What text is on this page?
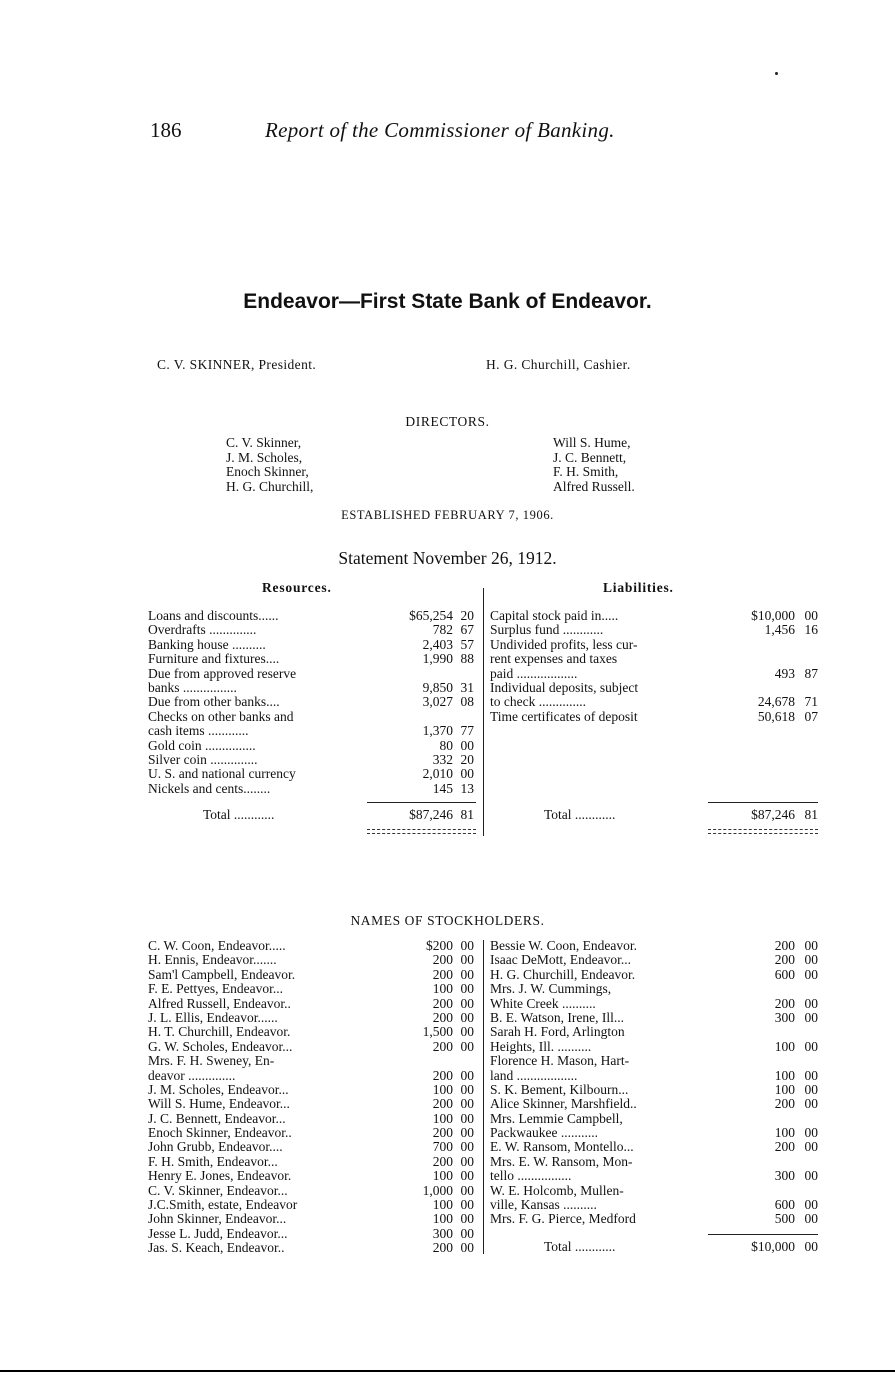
186	Report of the Commissioner of Banking.
Endeavor—First State Bank of Endeavor.
C. V. SKINNER, President.	H. G. Churchill, Cashier.
DIRECTORS.
C. V. Skinner,
J. M. Scholes,
Enoch Skinner,
H. G. Churchill,
Will S. Hume,
J. C. Bennett,
F. H. Smith,
Alfred Russell.
ESTABLISHED FEBRUARY 7, 1906.
Statement November 26, 1912.
Resources.	Liabilities.
Loans and discounts......	$65,254 20
Overdrafts ..............	782 67
Banking house ..........	2,403 57
Furniture and fixtures....	1,990 88
Due from approved reserve
banks ................	9,850 31
Due from other banks....	3,027 08
Checks on other banks and
cash items ............	1,370 77
Gold coin ...............	80 00
Silver coin ..............	332 20
U. S. and national currency	2,010 00
Nickels and cents........	145 13
Capital stock paid in.....	$10,000 00
Surplus fund ............	1,456 16
Undivided profits, less cur-
rent expenses and taxes
paid ..................	493 87
Individual deposits, subject
to check ..............	24,678 71
Time certificates of deposit	50,618 07
Total ............	$87,246 81	Total ............	$87,246 81
NAMES OF STOCKHOLDERS.
C. W. Coon, Endeavor.....	$200 00
H. Ennis, Endeavor.......	200 00
Sam'l Campbell, Endeavor.	200 00
F. E. Pettyes, Endeavor...	100 00
Alfred Russell, Endeavor..	200 00
J. L. Ellis, Endeavor......	200 00
H. T. Churchill, Endeavor.	1,500 00
G. W. Scholes, Endeavor...	200 00
Mrs. F. H. Sweney, En-
deavor ..............	200 00
J. M. Scholes, Endeavor...	100 00
Will S. Hume, Endeavor...	200 00
J. C. Bennett, Endeavor...	100 00
Enoch Skinner, Endeavor..	200 00
John Grubb, Endeavor....	700 00
F. H. Smith, Endeavor...	200 00
Henry E. Jones, Endeavor.	100 00
C. V. Skinner, Endeavor...	1,000 00
J.C.Smith, estate, Endeavor	100 00
John Skinner, Endeavor...	100 00
Jesse L. Judd, Endeavor...	300 00
Jas. S. Keach, Endeavor..	200 00
Bessie W. Coon, Endeavor.	200 00
Isaac DeMott, Endeavor...	200 00
H. G. Churchill, Endeavor.	600 00
Mrs. J. W. Cummings,
White Creek ..........	200 00
B. E. Watson, Irene, Ill...	300 00
Sarah H. Ford, Arlington
Heights, Ill. ..........	100 00
Florence H. Mason, Hart-
land ..................	100 00
S. K. Bement, Kilbourn...	100 00
Alice Skinner, Marshfield..	200 00
Mrs. Lemmie Campbell,
Packwaukee ...........	100 00
E. W. Ransom, Montello...	200 00
Mrs. E. W. Ransom, Mon-
tello ................	300 00
W. E. Holcomb, Mullen-
ville, Kansas ..........	600 00
Mrs. F. G. Pierce, Medford	500 00
Total ............	$10,000 00
